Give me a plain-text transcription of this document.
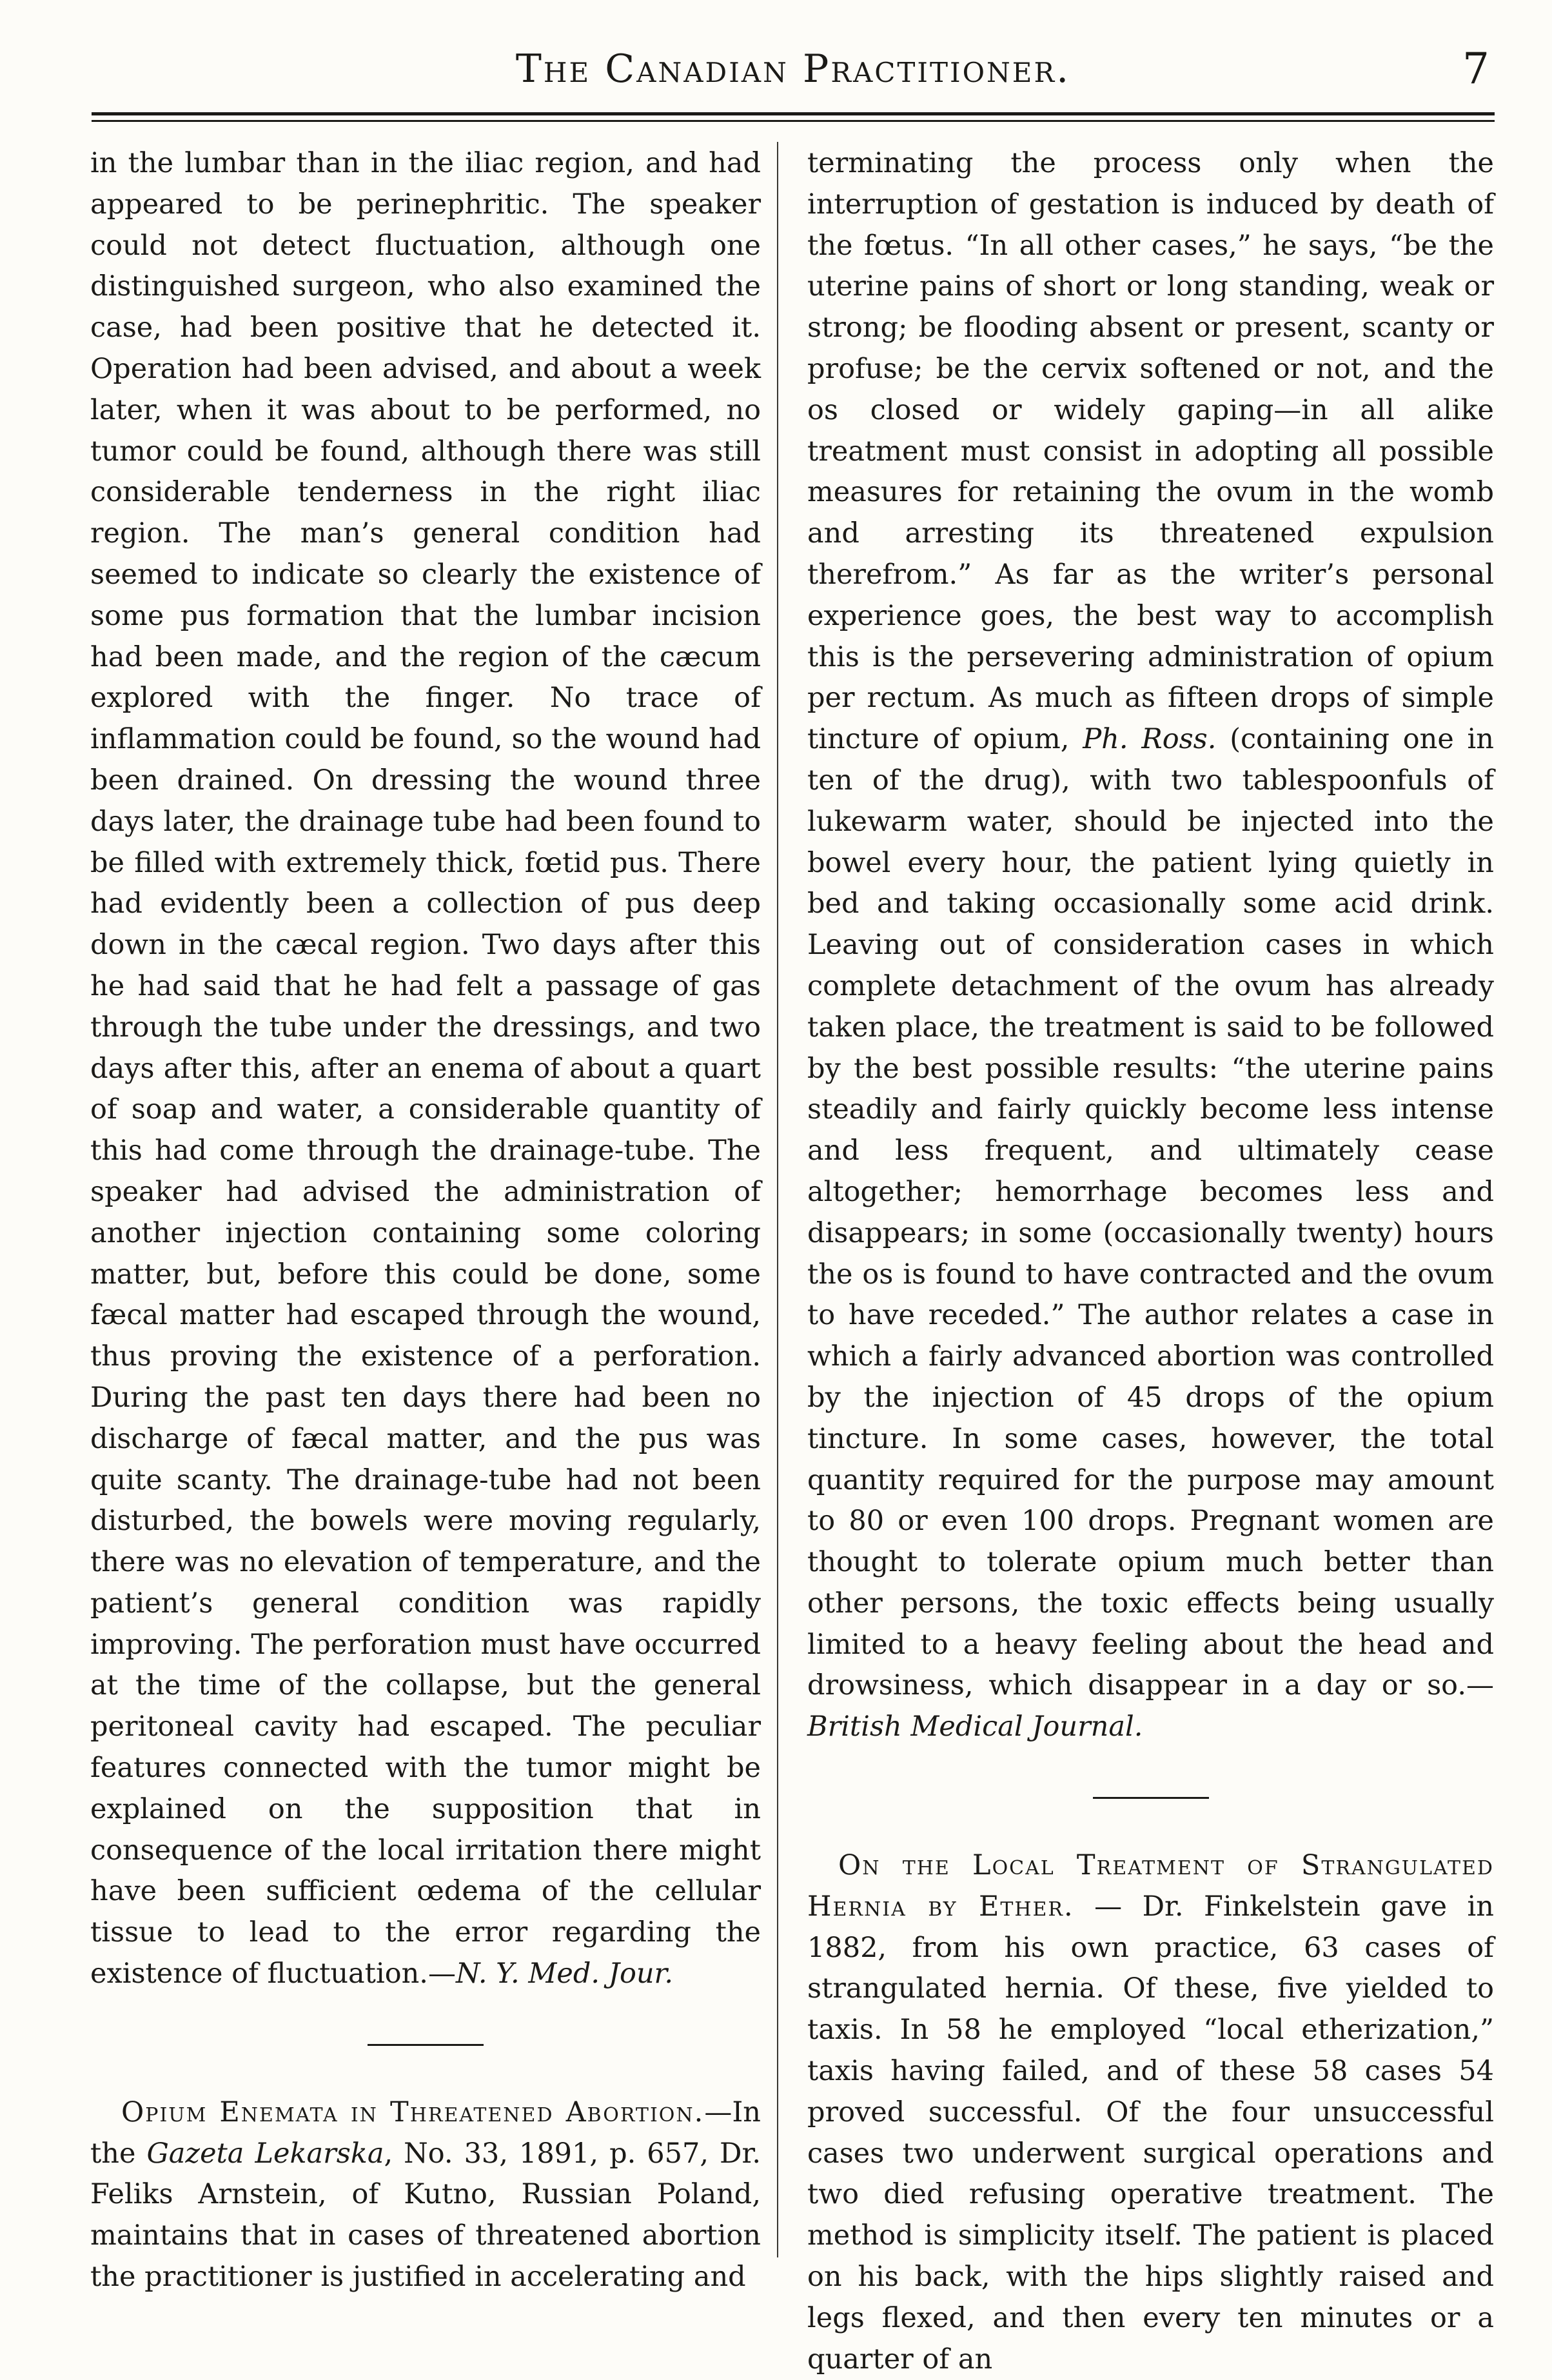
The Canadian Practitioner.	7

in the lumbar than in the iliac region, and had appeared to be perinephritic. The speaker could not detect fluctuation, although one distinguished surgeon, who also examined the case, had been positive that he detected it. Operation had been advised, and about a week later, when it was about to be performed, no tumor could be found, although there was still considerable tenderness in the right iliac region. The man’s general condition had seemed to indicate so clearly the existence of some pus formation that the lumbar incision had been made, and the region of the cæcum explored with the finger. No trace of inflammation could be found, so the wound had been drained. On dressing the wound three days later, the drainage tube had been found to be filled with extremely thick, fœtid pus. There had evidently been a collection of pus deep down in the cæcal region. Two days after this he had said that he had felt a passage of gas through the tube under the dressings, and two days after this, after an enema of about a quart of soap and water, a considerable quantity of this had come through the drainage-tube. The speaker had advised the administration of another injection containing some coloring matter, but, before this could be done, some fæcal matter had escaped through the wound, thus proving the existence of a perforation. During the past ten days there had been no discharge of fæcal matter, and the pus was quite scanty. The drainage-tube had not been disturbed, the bowels were moving regularly, there was no elevation of temperature, and the patient’s general condition was rapidly improving. The perforation must have occurred at the time of the collapse, but the general peritoneal cavity had escaped. The peculiar features connected with the tumor might be explained on the supposition that in consequence of the local irritation there might have been sufficient œdema of the cellular tissue to lead to the error regarding the existence of fluctuation.—N. Y. Med. Jour.

Opium Enemata in Threatened Abortion.—In the Gazeta Lekarska, No. 33, 1891, p. 657, Dr. Feliks Arnstein, of Kutno, Russian Poland, maintains that in cases of threatened abortion the practitioner is justified in accelerating and

terminating the process only when the interruption of gestation is induced by death of the fœtus. “In all other cases,” he says, “be the uterine pains of short or long standing, weak or strong; be flooding absent or present, scanty or profuse; be the cervix softened or not, and the os closed or widely gaping—in all alike treatment must consist in adopting all possible measures for retaining the ovum in the womb and arresting its threatened expulsion therefrom.” As far as the writer’s personal experience goes, the best way to accomplish this is the persevering administration of opium per rectum. As much as fifteen drops of simple tincture of opium, Ph. Ross. (containing one in ten of the drug), with two tablespoonfuls of lukewarm water, should be injected into the bowel every hour, the patient lying quietly in bed and taking occasionally some acid drink. Leaving out of consideration cases in which complete detachment of the ovum has already taken place, the treatment is said to be followed by the best possible results: “the uterine pains steadily and fairly quickly become less intense and less frequent, and ultimately cease altogether; hemorrhage becomes less and disappears; in some (occasionally twenty) hours the os is found to have contracted and the ovum to have receded.” The author relates a case in which a fairly advanced abortion was controlled by the injection of 45 drops of the opium tincture. In some cases, however, the total quantity required for the purpose may amount to 80 or even 100 drops. Pregnant women are thought to tolerate opium much better than other persons, the toxic effects being usually limited to a heavy feeling about the head and drowsiness, which disappear in a day or so.—British Medical Journal.

On the Local Treatment of Strangulated Hernia by Ether. — Dr. Finkelstein gave in 1882, from his own practice, 63 cases of strangulated hernia. Of these, five yielded to taxis. In 58 he employed “local etherization,” taxis having failed, and of these 58 cases 54 proved successful. Of the four unsuccessful cases two underwent surgical operations and two died refusing operative treatment. The method is simplicity itself. The patient is placed on his back, with the hips slightly raised and legs flexed, and then every ten minutes or a quarter of an
